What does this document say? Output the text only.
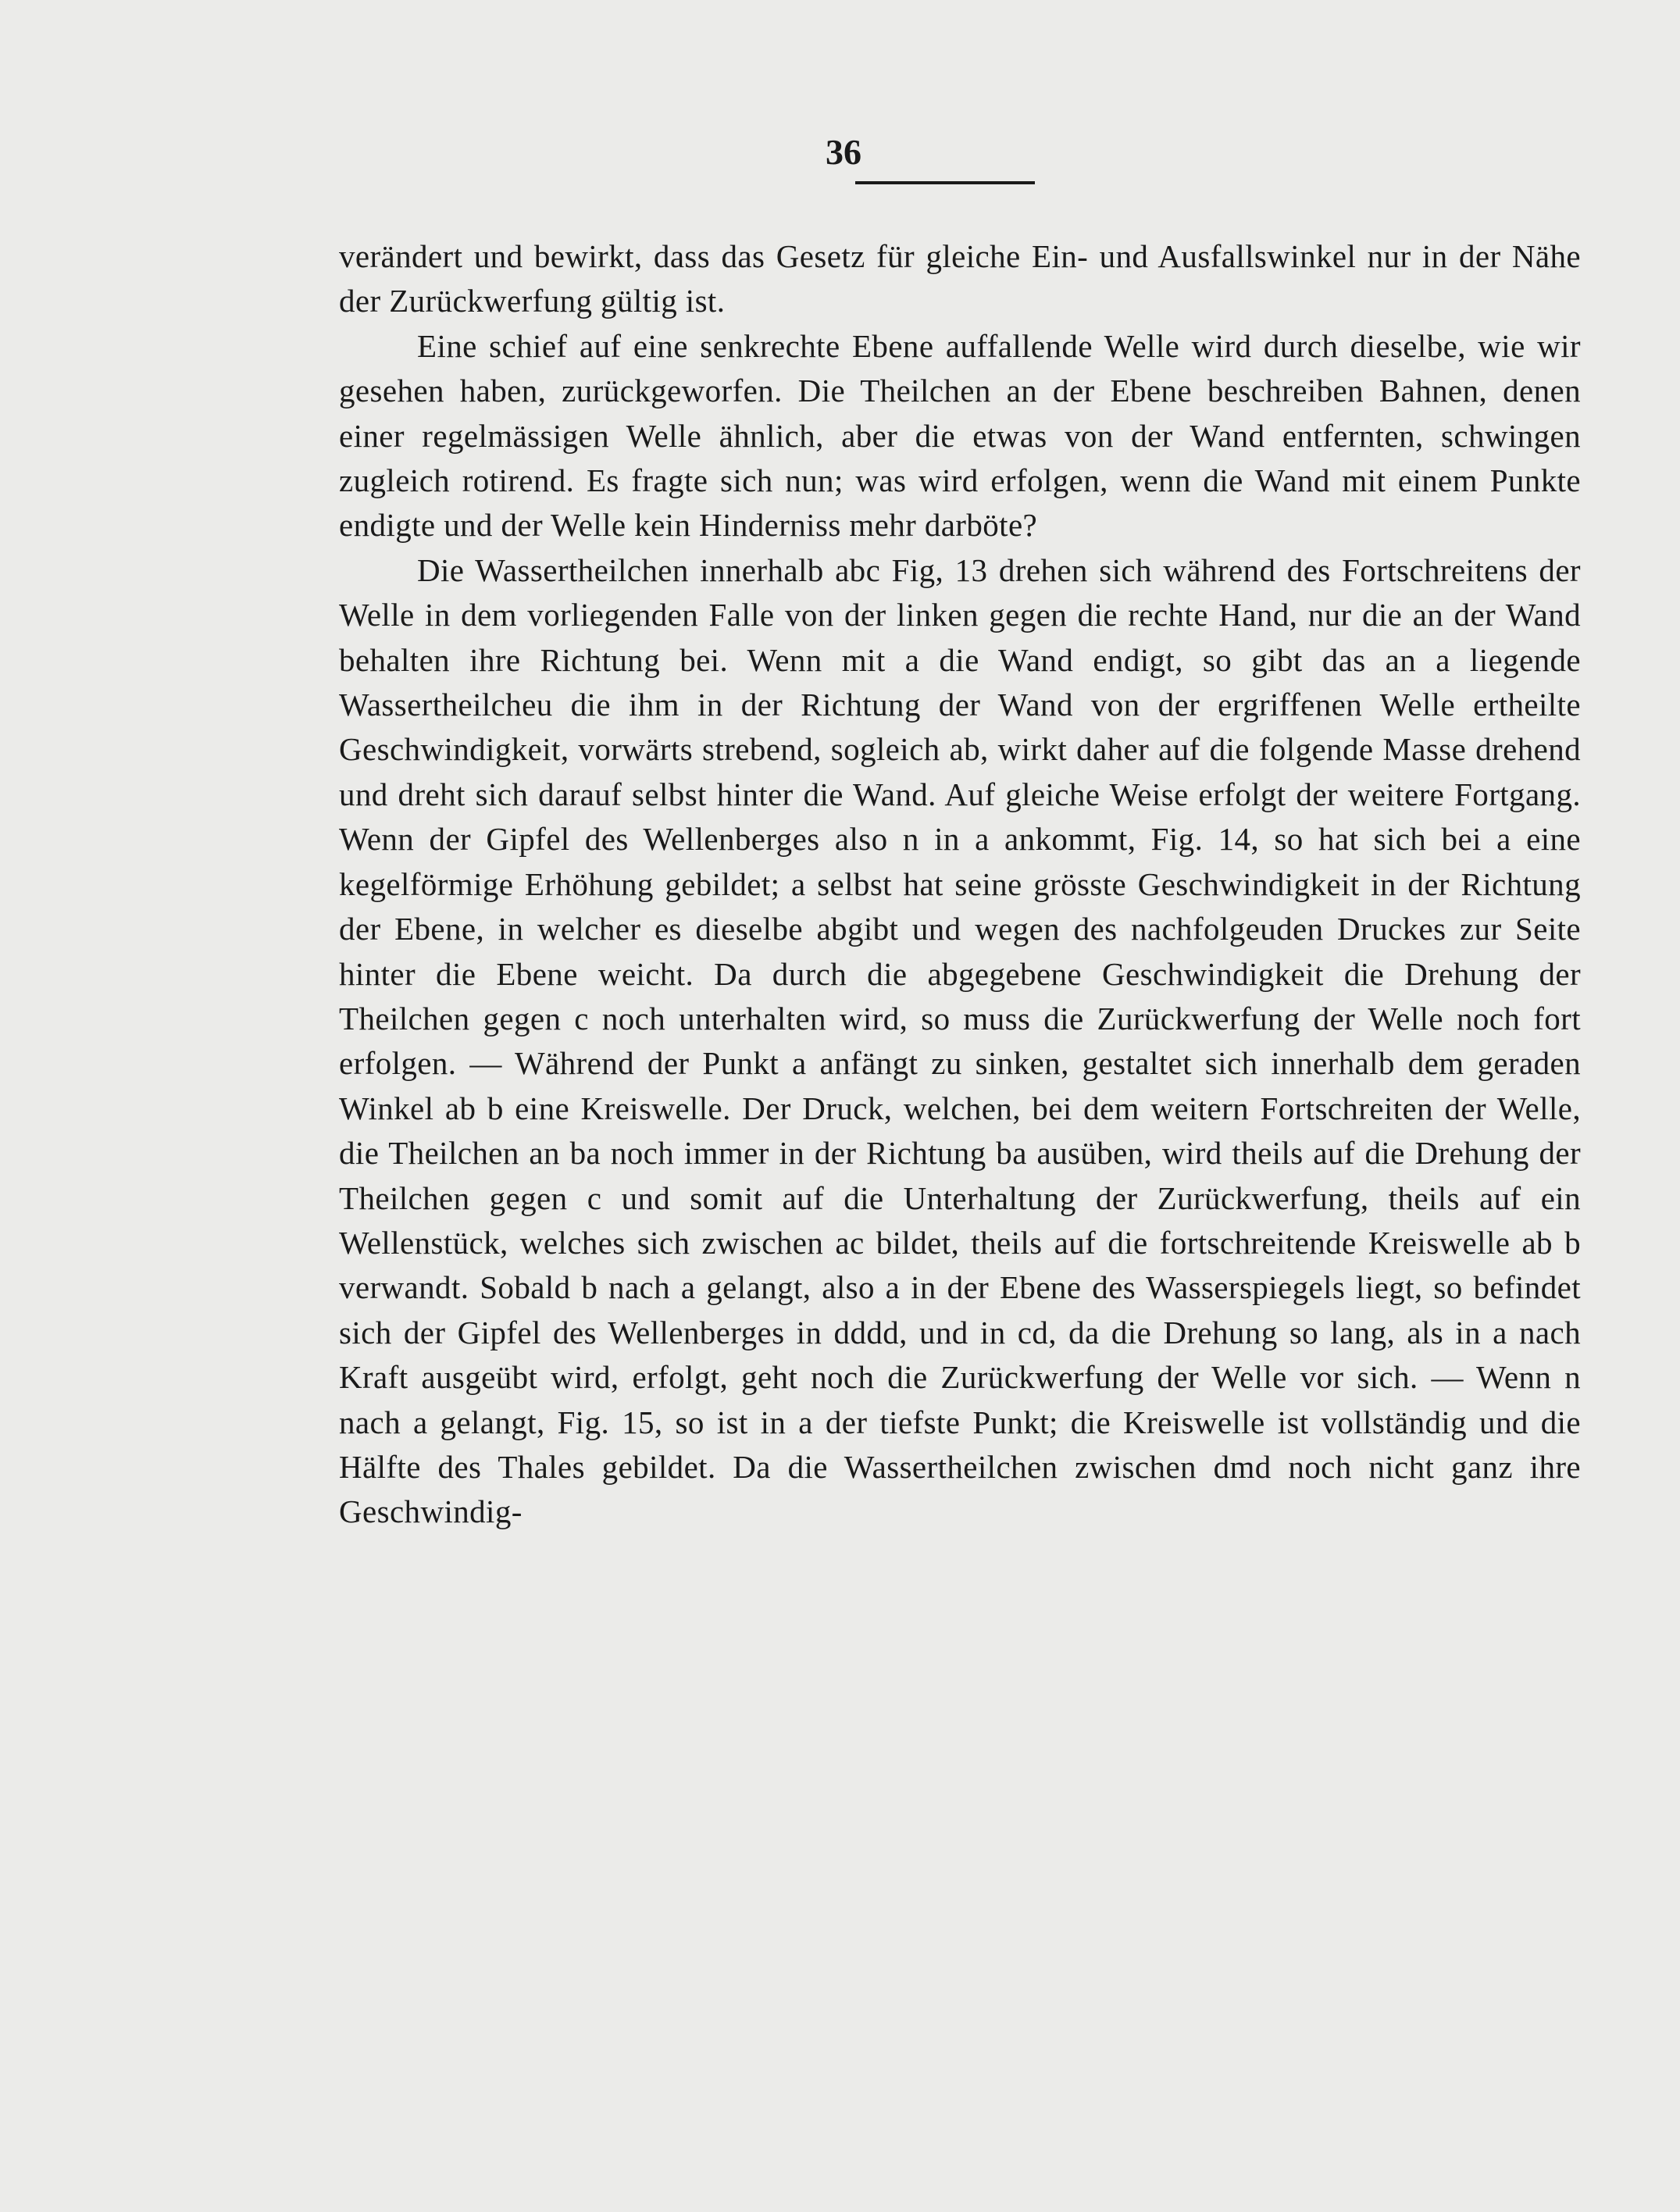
36

verändert und bewirkt, dass das Gesetz für gleiche Ein- und Ausfallswinkel nur in der Nähe der Zurückwerfung gültig ist.

Eine schief auf eine senkrechte Ebene auffallende Welle wird durch dieselbe, wie wir gesehen haben, zurückgeworfen. Die Theilchen an der Ebene beschreiben Bahnen, denen einer regelmässigen Welle ähnlich, aber die etwas von der Wand entfernten, schwingen zugleich rotirend. Es fragte sich nun; was wird erfolgen, wenn die Wand mit einem Punkte endigte und der Welle kein Hinderniss mehr darböte?

Die Wassertheilchen innerhalb abc Fig, 13 drehen sich während des Fortschreitens der Welle in dem vorliegenden Falle von der linken gegen die rechte Hand, nur die an der Wand behalten ihre Richtung bei. Wenn mit a die Wand endigt, so gibt das an a liegende Wassertheilcheu die ihm in der Richtung der Wand von der ergriffenen Welle ertheilte Geschwindigkeit, vorwärts strebend, sogleich ab, wirkt daher auf die folgende Masse drehend und dreht sich darauf selbst hinter die Wand. Auf gleiche Weise erfolgt der weitere Fortgang. Wenn der Gipfel des Wellenberges also n in a ankommt, Fig. 14, so hat sich bei a eine kegelförmige Erhöhung gebildet; a selbst hat seine grösste Geschwindigkeit in der Richtung der Ebene, in welcher es dieselbe abgibt und wegen des nachfolgeuden Druckes zur Seite hinter die Ebene weicht. Da durch die abgegebene Geschwindigkeit die Drehung der Theilchen gegen c noch unterhalten wird, so muss die Zurückwerfung der Welle noch fort erfolgen. — Während der Punkt a anfängt zu sinken, gestaltet sich innerhalb dem geraden Winkel ab b eine Kreiswelle. Der Druck, welchen, bei dem weitern Fortschreiten der Welle, die Theilchen an ba noch immer in der Richtung ba ausüben, wird theils auf die Drehung der Theilchen gegen c und somit auf die Unterhaltung der Zurückwerfung, theils auf ein Wellenstück, welches sich zwischen ac bildet, theils auf die fortschreitende Kreiswelle ab b verwandt. Sobald b nach a gelangt, also a in der Ebene des Wasserspiegels liegt, so befindet sich der Gipfel des Wellenberges in dddd, und in cd, da die Drehung so lang, als in a nach Kraft ausgeübt wird, erfolgt, geht noch die Zurückwerfung der Welle vor sich. — Wenn n nach a gelangt, Fig. 15, so ist in a der tiefste Punkt; die Kreiswelle ist vollständig und die Hälfte des Thales gebildet. Da die Wassertheilchen zwischen dmd noch nicht ganz ihre Geschwindig-
